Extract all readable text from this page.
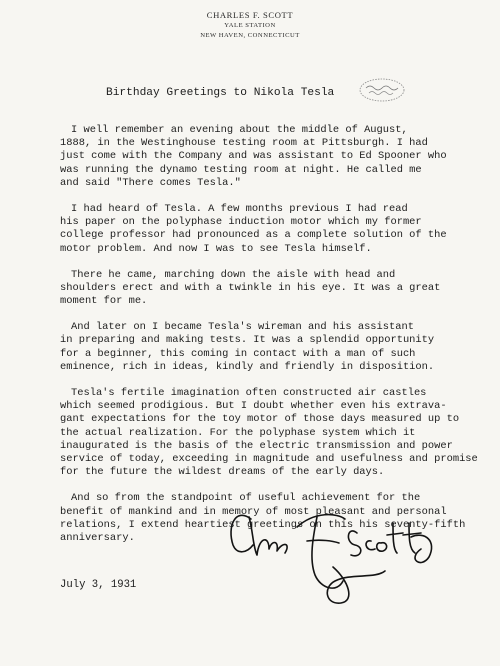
CHARLES F. SCOTT
YALE STATION
NEW HAVEN, CONNECTICUT
Birthday Greetings to Nikola Tesla
I well remember an evening about the middle of August,
1888, in the Westinghouse testing room at Pittsburgh. I had
just come with the Company and was assistant to Ed Spooner who
was running the dynamo testing room at night. He called me
and said "There comes Tesla."
I had heard of Tesla. A few months previous I had read
his paper on the polyphase induction motor which my former
college professor had pronounced as a complete solution of the
motor problem. And now I was to see Tesla himself.
There he came, marching down the aisle with head and
shoulders erect and with a twinkle in his eye. It was a great
moment for me.
And later on I became Tesla's wireman and his assistant
in preparing and making tests. It was a splendid opportunity
for a beginner, this coming in contact with a man of such
eminence, rich in ideas, kindly and friendly in disposition.
Tesla's fertile imagination often constructed air castles
which seemed prodigious. But I doubt whether even his extrava-
gant expectations for the toy motor of those days measured up to
the actual realization. For the polyphase system which it
inaugurated is the basis of the electric transmission and power
service of today, exceeding in magnitude and usefulness and promise
for the future the wildest dreams of the early days.
And so from the standpoint of useful achievement for the
benefit of mankind and in memory of most pleasant and personal
relations, I extend heartiest greetings on this his seventy-fifth
anniversary.
July 3, 1931
